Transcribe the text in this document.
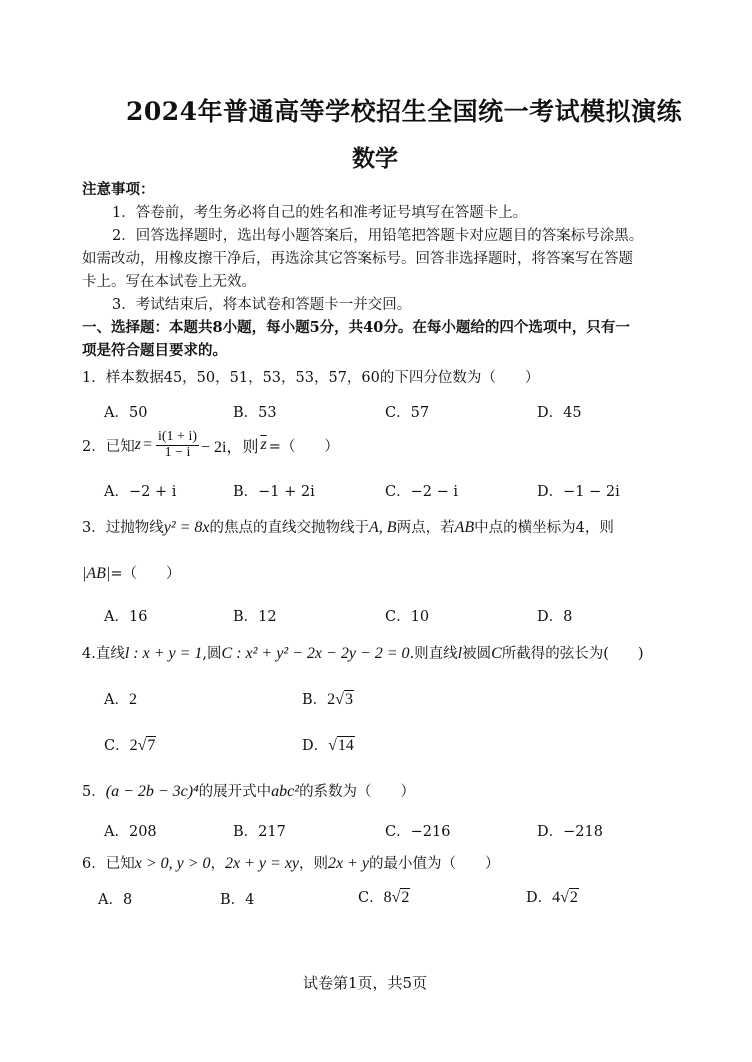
2024年普通高等学校招生全国统一考试模拟演练
数学
注意事项：
1．答卷前，考生务必将自己的姓名和准考证号填写在答题卡上。
2．回答选择题时，选出每小题答案后，用铅笔把答题卡对应题目的答案标号涂黑。
如需改动，用橡皮擦干净后，再选涂其它答案标号。回答非选择题时，将答案写在答题
卡上。写在本试卷上无效。
3．考试结束后，将本试卷和答题卡一并交回。
一、选择题：本题共8小题，每小题5分，共40分。在每小题给的四个选项中，只有一
项是符合题目要求的。
1．样本数据45，50，51，53，53，57，60的下四分位数为（　　）
A．50	B．53	C．57	D．45
2．已知 $z = \frac{i(1 + i)}{1 - i} - 2i$，则 $\overline{z}$ =（　　）
A．−2 + i	B．−1 + 2i	C．−2 − i	D．−1 − 2i
3．过抛物线y² = 8x的焦点的直线交抛物线于A, B两点，若AB中点的横坐标为4，则
|AB|=（　　）
A．16	B．12	C．10	D．8
4.直线l : x + y = 1,圆C : x² + y² − 2x − 2y − 2 = 0.则直线l被圆C所截得的弦长为(　　)
A．2	B．2√3
C．2√7	D．√14
5．(a − 2b − 3c)⁴的展开式中abc²的系数为（　　）
A．208	B．217	C．−216	D．−218
6．已知x > 0, y > 0，2x + y = xy，则2x + y的最小值为（　　）
A．8	B．4	C．8√2	D．4√2
试卷第1页，共5页
